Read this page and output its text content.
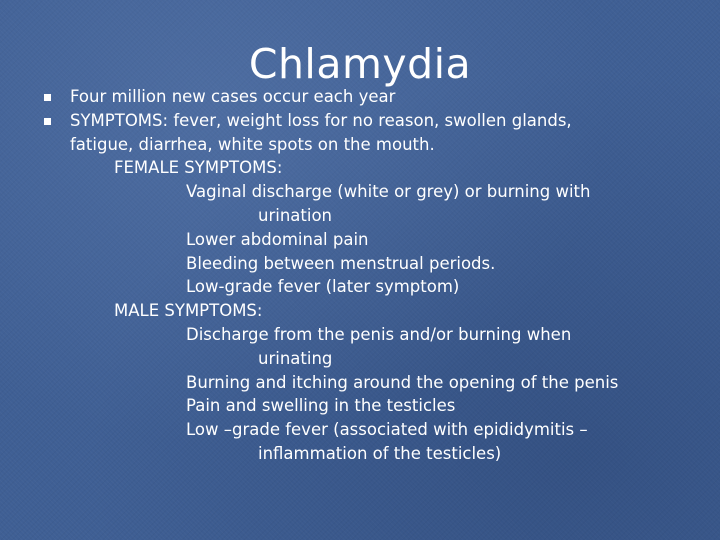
Chlamydia
Four million new cases occur each year
SYMPTOMS: fever, weight loss for no reason, swollen glands,
fatigue, diarrhea, white spots on the mouth.
FEMALE SYMPTOMS:
Vaginal discharge (white or grey) or burning with
urination
Lower abdominal pain
Bleeding between menstrual periods.
Low-grade fever (later symptom)
MALE SYMPTOMS:
Discharge from the penis and/or burning when
urinating
Burning and itching around the opening of the penis
Pain and swelling in the testicles
Low –grade fever (associated with epididymitis –
inflammation of the testicles)
